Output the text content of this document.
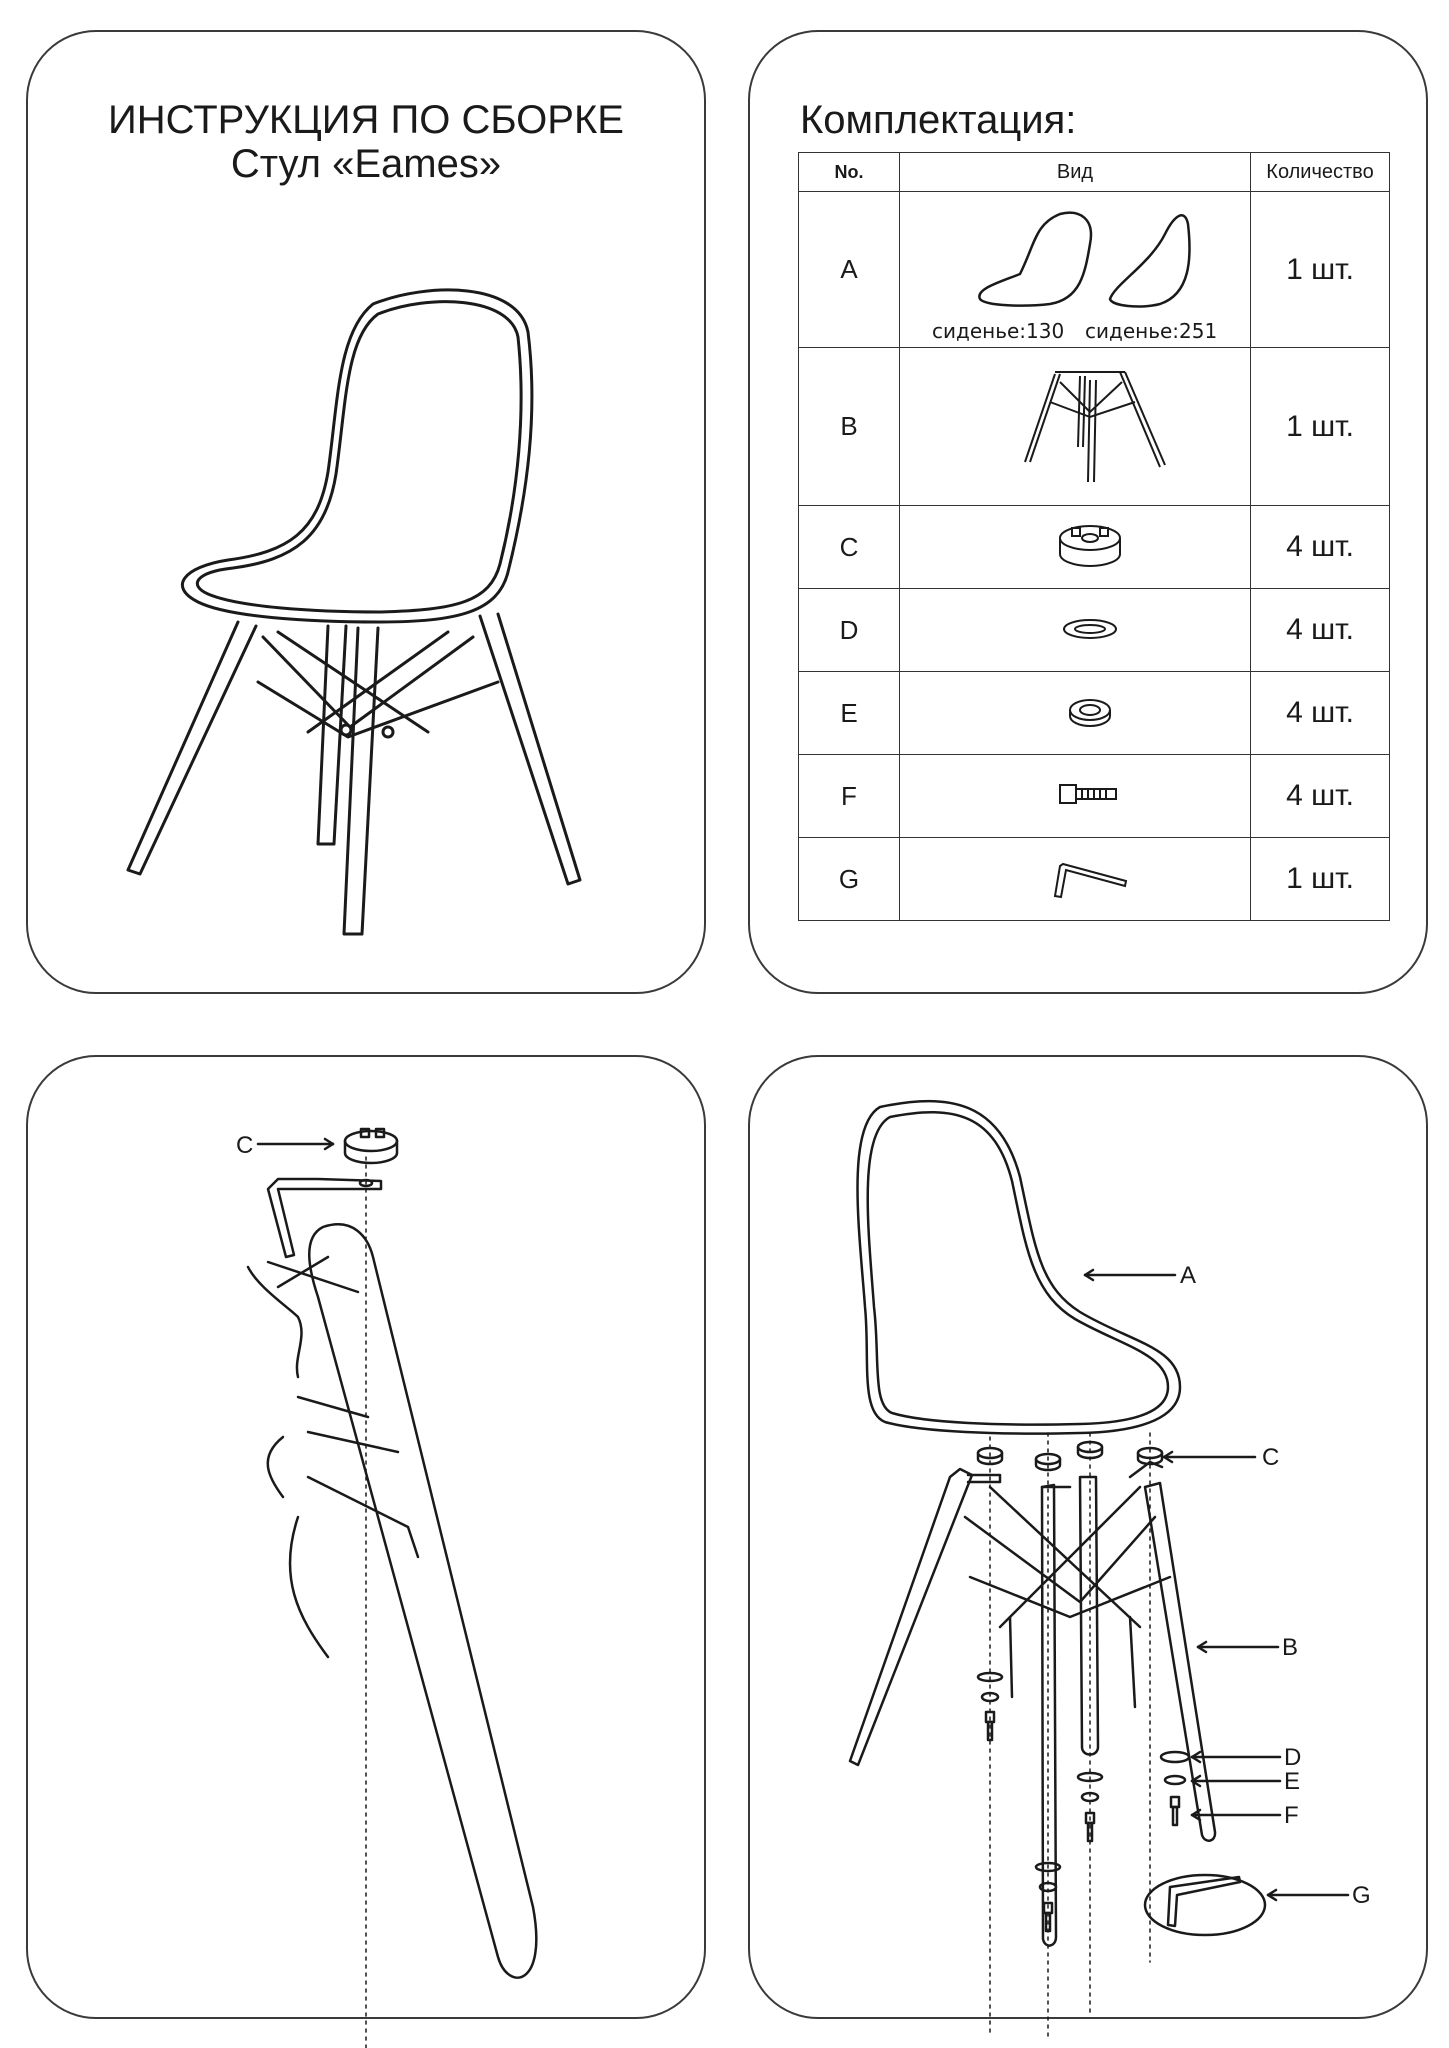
ИНСТРУКЦИЯ ПО СБОРКЕ
Стул «Eames»
Комплектация:
No.	Вид	Количество
A	сиденье:130 сиденье:251	1 шт.
B		1 шт.
C		4 шт.
D		4 шт.
E		4 шт.
F		4 шт.
G		1 шт.
C
A
B
C
D
E
F
G
